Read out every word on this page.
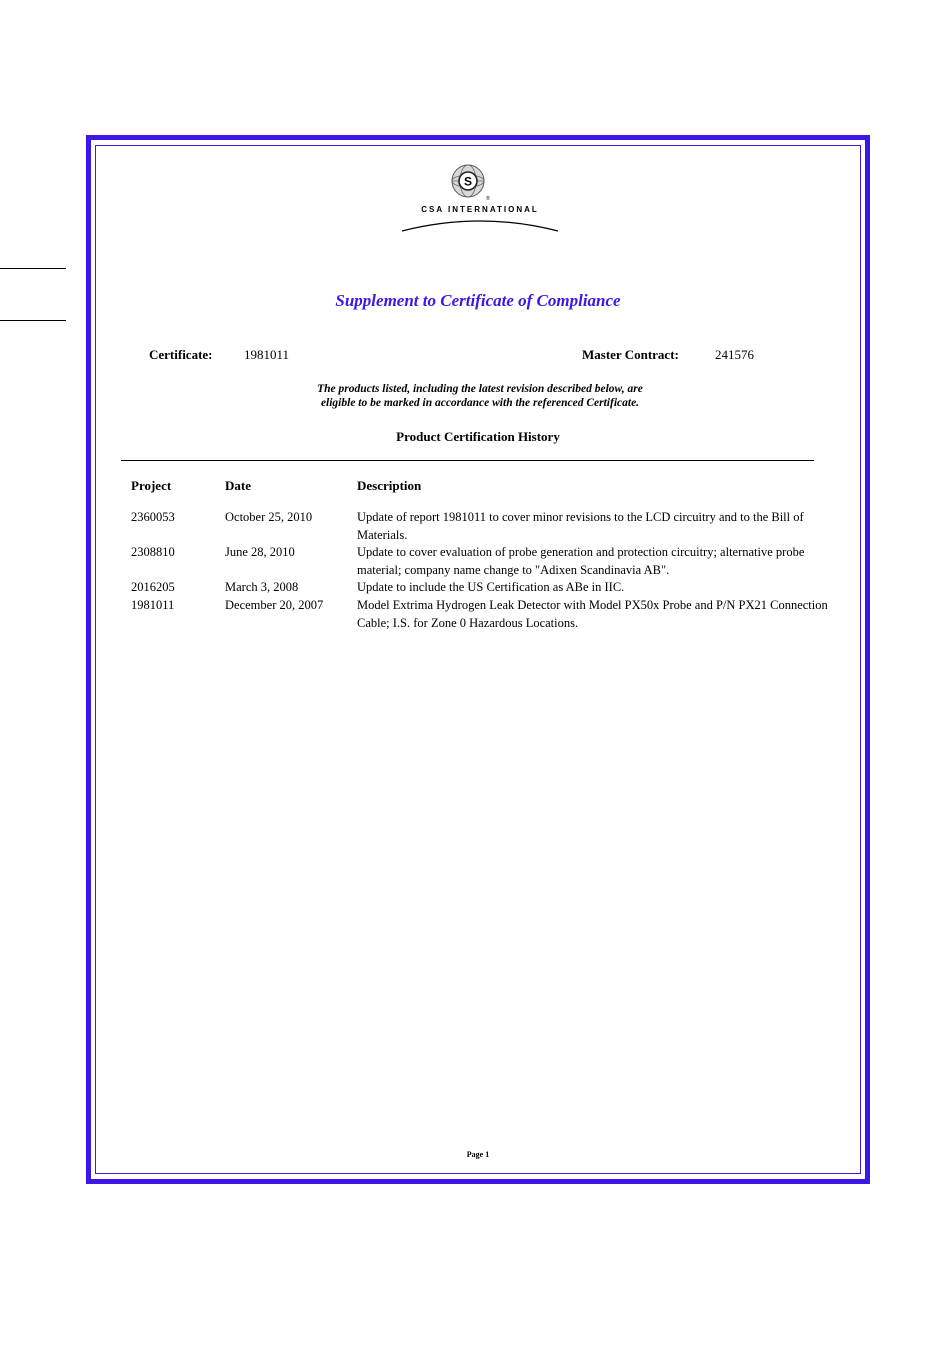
S
®
CSA INTERNATIONAL
Supplement to Certificate of Compliance
Certificate: 1981011	Master Contract:	241576
The products listed, including the latest revision described below, are
eligible to be marked in accordance with the referenced Certificate.
Product Certification History
Project	Date	Description
2360053	October 25, 2010	Update of report 1981011 to cover minor revisions to the LCD circuitry and to the Bill of Materials.
2308810	June 28, 2010	Update to cover evaluation of probe generation and protection circuitry; alternative probe material; company name change to "Adixen Scandinavia AB".
2016205	March 3, 2008	Update to include the US Certification as ABe in IIC.
1981011	December 20, 2007	Model Extrima Hydrogen Leak Detector with Model PX50x Probe and P/N PX21 Connection Cable; I.S. for Zone 0 Hazardous Locations.
Page 1
